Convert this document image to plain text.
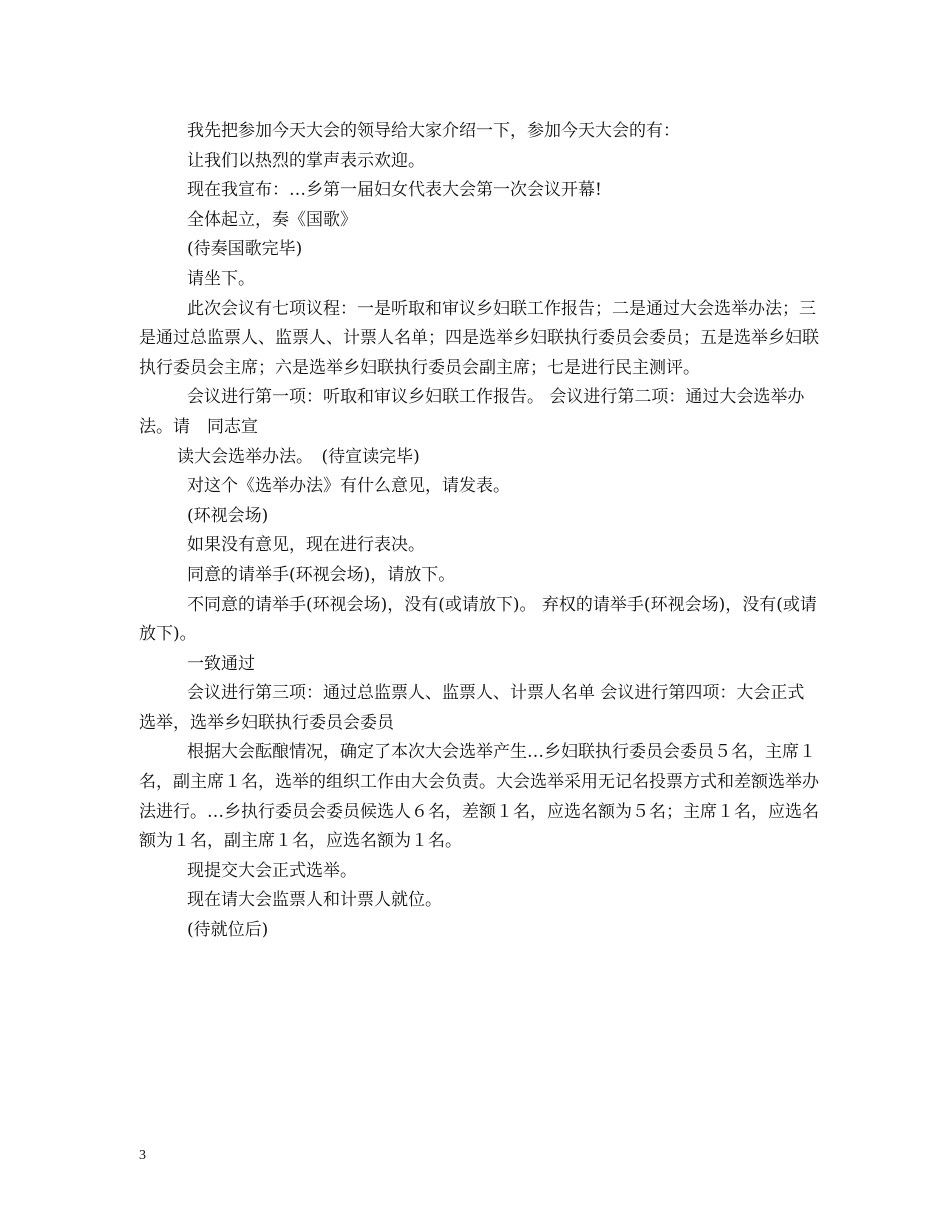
我先把参加今天大会的领导给大家介绍一下，参加今天大会的有：

让我们以热烈的掌声表示欢迎。

现在我宣布：…乡第一届妇女代表大会第一次会议开幕!

全体起立，奏《国歌》

(待奏国歌完毕)

请坐下。

此次会议有七项议程：一是听取和审议乡妇联工作报告；二是通过大会选举办法；三是通过总监票人、监票人、计票人名单；四是选举乡妇联执行委员会委员；五是选举乡妇联执行委员会主席；六是选举乡妇联执行委员会副主席；七是进行民主测评。

会议进行第一项：听取和审议乡妇联工作报告。 会议进行第二项：通过大会选举办法。请　同志宣

读大会选举办法。　(待宣读完毕)

对这个《选举办法》有什么意见，请发表。

(环视会场)

如果没有意见，现在进行表决。

同意的请举手(环视会场)，请放下。

不同意的请举手(环视会场)，没有(或请放下)。 弃权的请举手(环视会场)，没有(或请放下)。

一致通过

会议进行第三项：通过总监票人、监票人、计票人名单 会议进行第四项：大会正式选举，选举乡妇联执行委员会委员

根据大会酝酿情况，确定了本次大会选举产生…乡妇联执行委员会委员５名，主席１名，副主席１名，选举的组织工作由大会负责。大会选举采用无记名投票方式和差额选举办法进行。…乡执行委员会委员候选人６名，差额１名，应选名额为５名；主席１名，应选名额为１名，副主席１名，应选名额为１名。

现提交大会正式选举。

现在请大会监票人和计票人就位。

(待就位后)

3
